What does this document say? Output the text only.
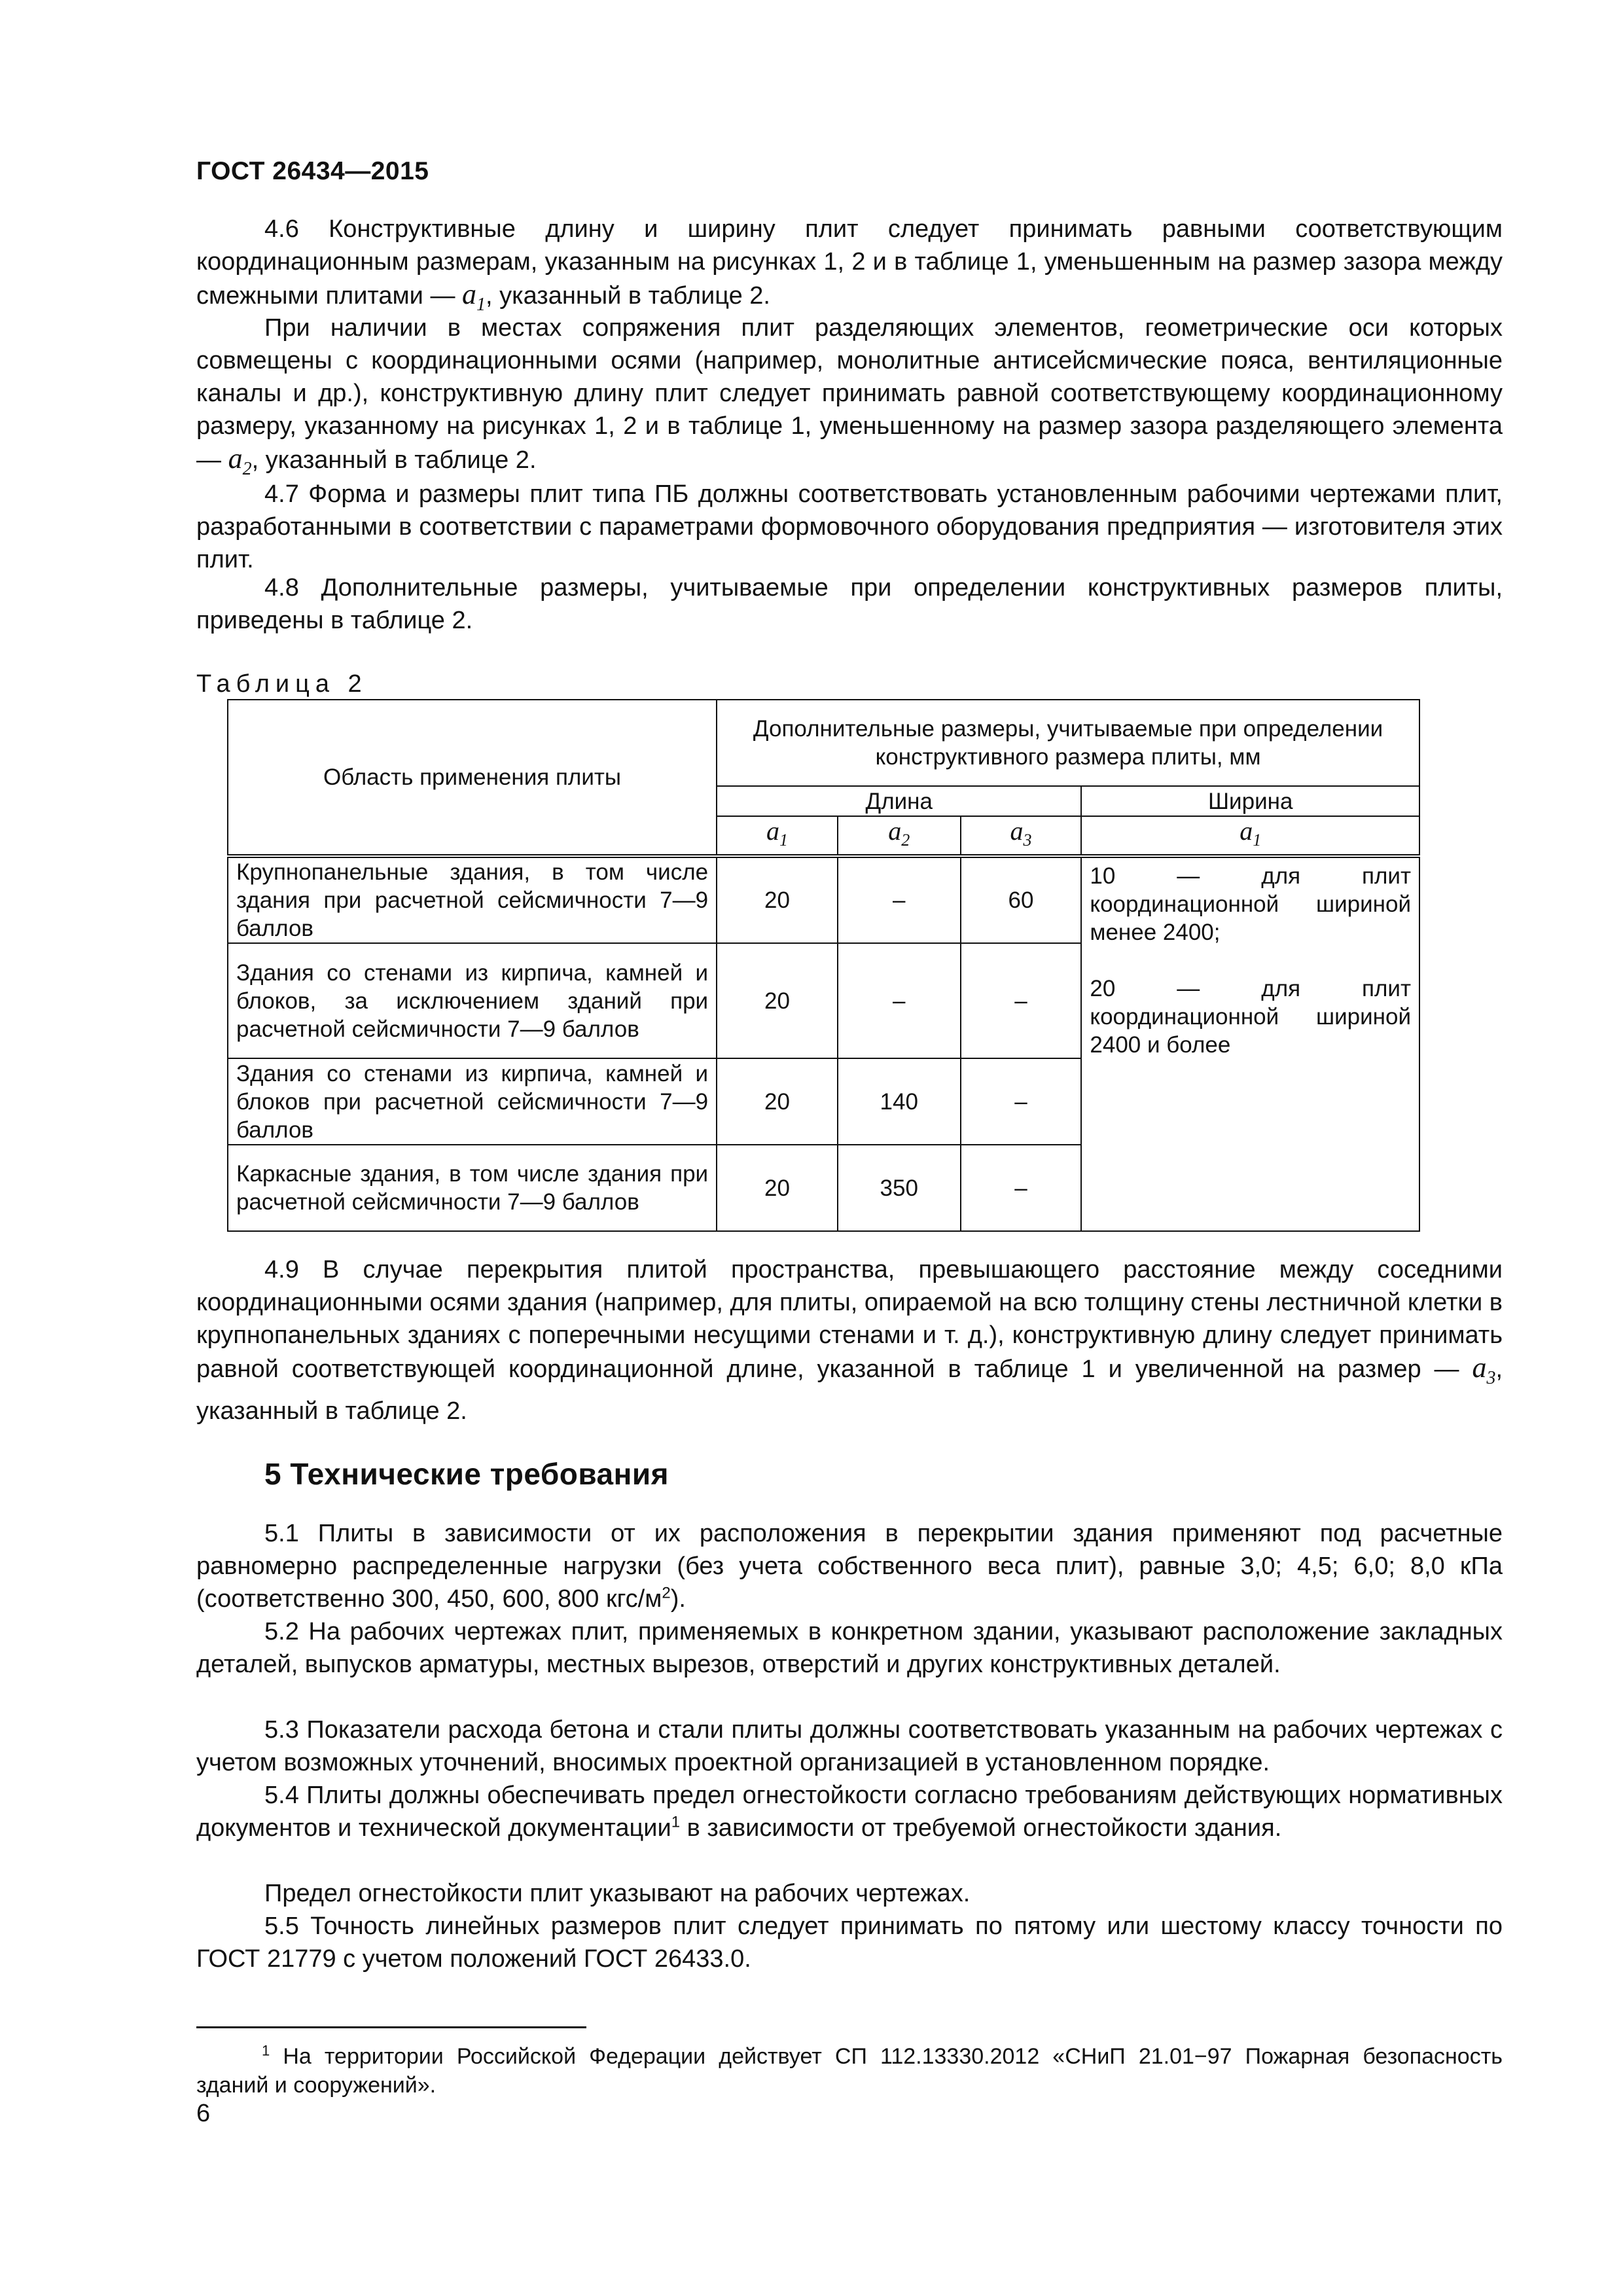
ГОСТ 26434—2015

4.6 Конструктивные длину и ширину плит следует принимать равными соответствующим координационным размерам, указанным на рисунках 1, 2 и в таблице 1, уменьшенным на размер зазора между смежными плитами — $a_1$, указанный в таблице 2.

При наличии в местах сопряжения плит разделяющих элементов, геометрические оси которых совмещены с координационными осями (например, монолитные антисейсмические пояса, вентиляционные каналы и др.), конструктивную длину плит следует принимать равной соответствующему координационному размеру, указанному на рисунках 1, 2 и в таблице 1, уменьшенному на размер зазора разделяющего элемента — $a_2$, указанный в таблице 2.

4.7 Форма и размеры плит типа ПБ должны соответствовать установленным рабочими чертежами плит, разработанными в соответствии с параметрами формовочного оборудования предприятия — изготовителя этих плит.

4.8 Дополнительные размеры, учитываемые при определении конструктивных размеров плиты, приведены в таблице 2.

Таблица 2
Область применения плиты	Дополнительные размеры, учитываемые при определении конструктивного размера плиты, мм			
	Длина			Ширина
	$a_1$	$a_2$	$a_3$	$a_1$
Крупнопанельные здания, в том числе здания при расчетной сейсмичности 7—9 баллов	20	–	60	10 — для плит координационной шириной менее 2400;
20 — для плит координационной шириной 2400 и более

Здания со стенами из кирпича, камней и блоков, за исключением зданий при расчетной сейсмичности 7—9 баллов	20	–	–	
Здания со стенами из кирпича, камней и блоков при расчетной сейсмичности 7—9 баллов	20	140	–	
Каркасные здания, в том числе здания при расчетной сейсмичности 7—9 баллов	20	350	–	

4.9 В случае перекрытия плитой пространства, превышающего расстояние между соседними координационными осями здания (например, для плиты, опираемой на всю толщину стены лестничной клетки в крупнопанельных зданиях с поперечными несущими стенами и т. д.), конструктивную длину следует принимать равной соответствующей координационной длине, указанной в таблице 1 и увеличенной на размер — $a_3$, указанный в таблице 2.

5 Технические требования

5.1 Плиты в зависимости от их расположения в перекрытии здания применяют под расчетные равномерно распределенные нагрузки (без учета собственного веса плит), равные 3,0; 4,5; 6,0; 8,0 кПа (соответственно 300, 450, 600, 800 кгс/$м^2$).

5.2 На рабочих чертежах плит, применяемых в конкретном здании, указывают расположение закладных деталей, выпусков арматуры, местных вырезов, отверстий и других конструктивных деталей.

5.3 Показатели расхода бетона и стали плиты должны соответствовать указанным на рабочих чертежах с учетом возможных уточнений, вносимых проектной организацией в установленном порядке.

5.4 Плиты должны обеспечивать предел огнестойкости согласно требованиям действующих нормативных документов и технической документации$^1$ в зависимости от требуемой огнестойкости здания.

Предел огнестойкости плит указывают на рабочих чертежах.

5.5 Точность линейных размеров плит следует принимать по пятому или шестому классу точности по ГОСТ 21779 с учетом положений ГОСТ 26433.0.

$^1$ На территории Российской Федерации действует СП 112.13330.2012 «СНиП 21.01−97 Пожарная безопасность зданий и сооружений».

6
